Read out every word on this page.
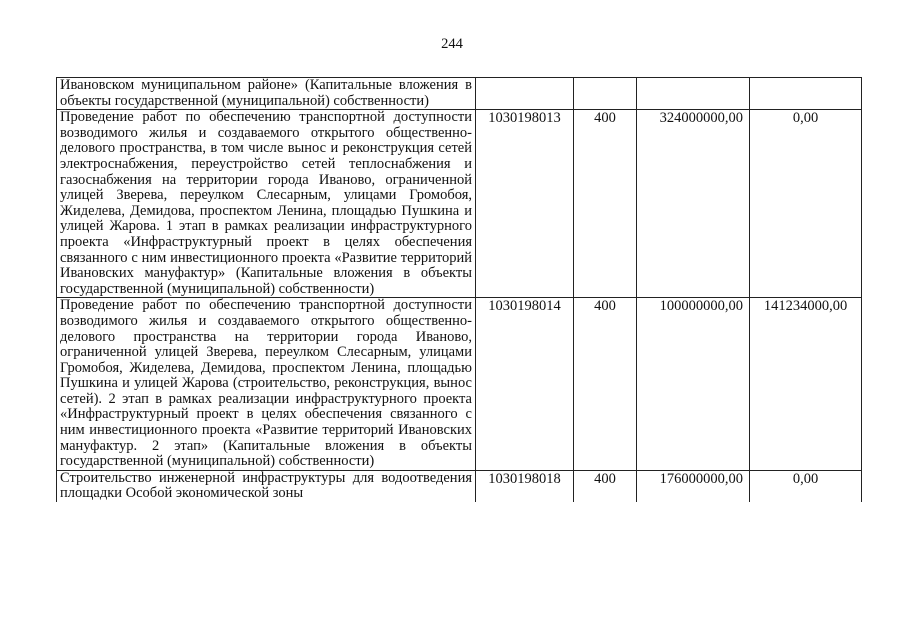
244
Ивановском муниципальном районе» (Капитальные вложения в объекты государственной (муниципальной) собственности)				
Проведение работ по обеспечению транспортной доступности возводимого жилья и создаваемого открытого общественно-делового пространства, в том числе вынос и реконструкция сетей электроснабжения, переустройство сетей теплоснабжения и газоснабжения на территории города Иваново, ограниченной улицей Зверева, переулком Слесарным, улицами Громобоя, Жиделева, Демидова, проспектом Ленина, площадью Пушкина и улицей Жарова. 1 этап в рамках реализации инфраструктурного проекта «Инфраструктурный проект в целях обеспечения связанного с ним инвестиционного проекта «Развитие территорий Ивановских мануфактур» (Капитальные вложения в объекты государственной (муниципальной) собственности)	1030198013	400	324000000,00	0,00
Проведение работ по обеспечению транспортной доступности возводимого жилья и создаваемого открытого общественно-делового пространства на территории города Иваново, ограниченной улицей Зверева, переулком Слесарным, улицами Громобоя, Жиделева, Демидова, проспектом Ленина, площадью Пушкина и улицей Жарова (строительство, реконструкция, вынос сетей). 2 этап в рамках реализации инфраструктурного проекта «Инфраструктурный проект в целях обеспечения связанного с ним инвестиционного проекта «Развитие территорий Ивановских мануфактур. 2 этап» (Капитальные вложения в объекты государственной (муниципальной) собственности)	1030198014	400	100000000,00	141234000,00
Строительство инженерной инфраструктуры для водоотведения площадки Особой экономической зоны	1030198018	400	176000000,00	0,00
